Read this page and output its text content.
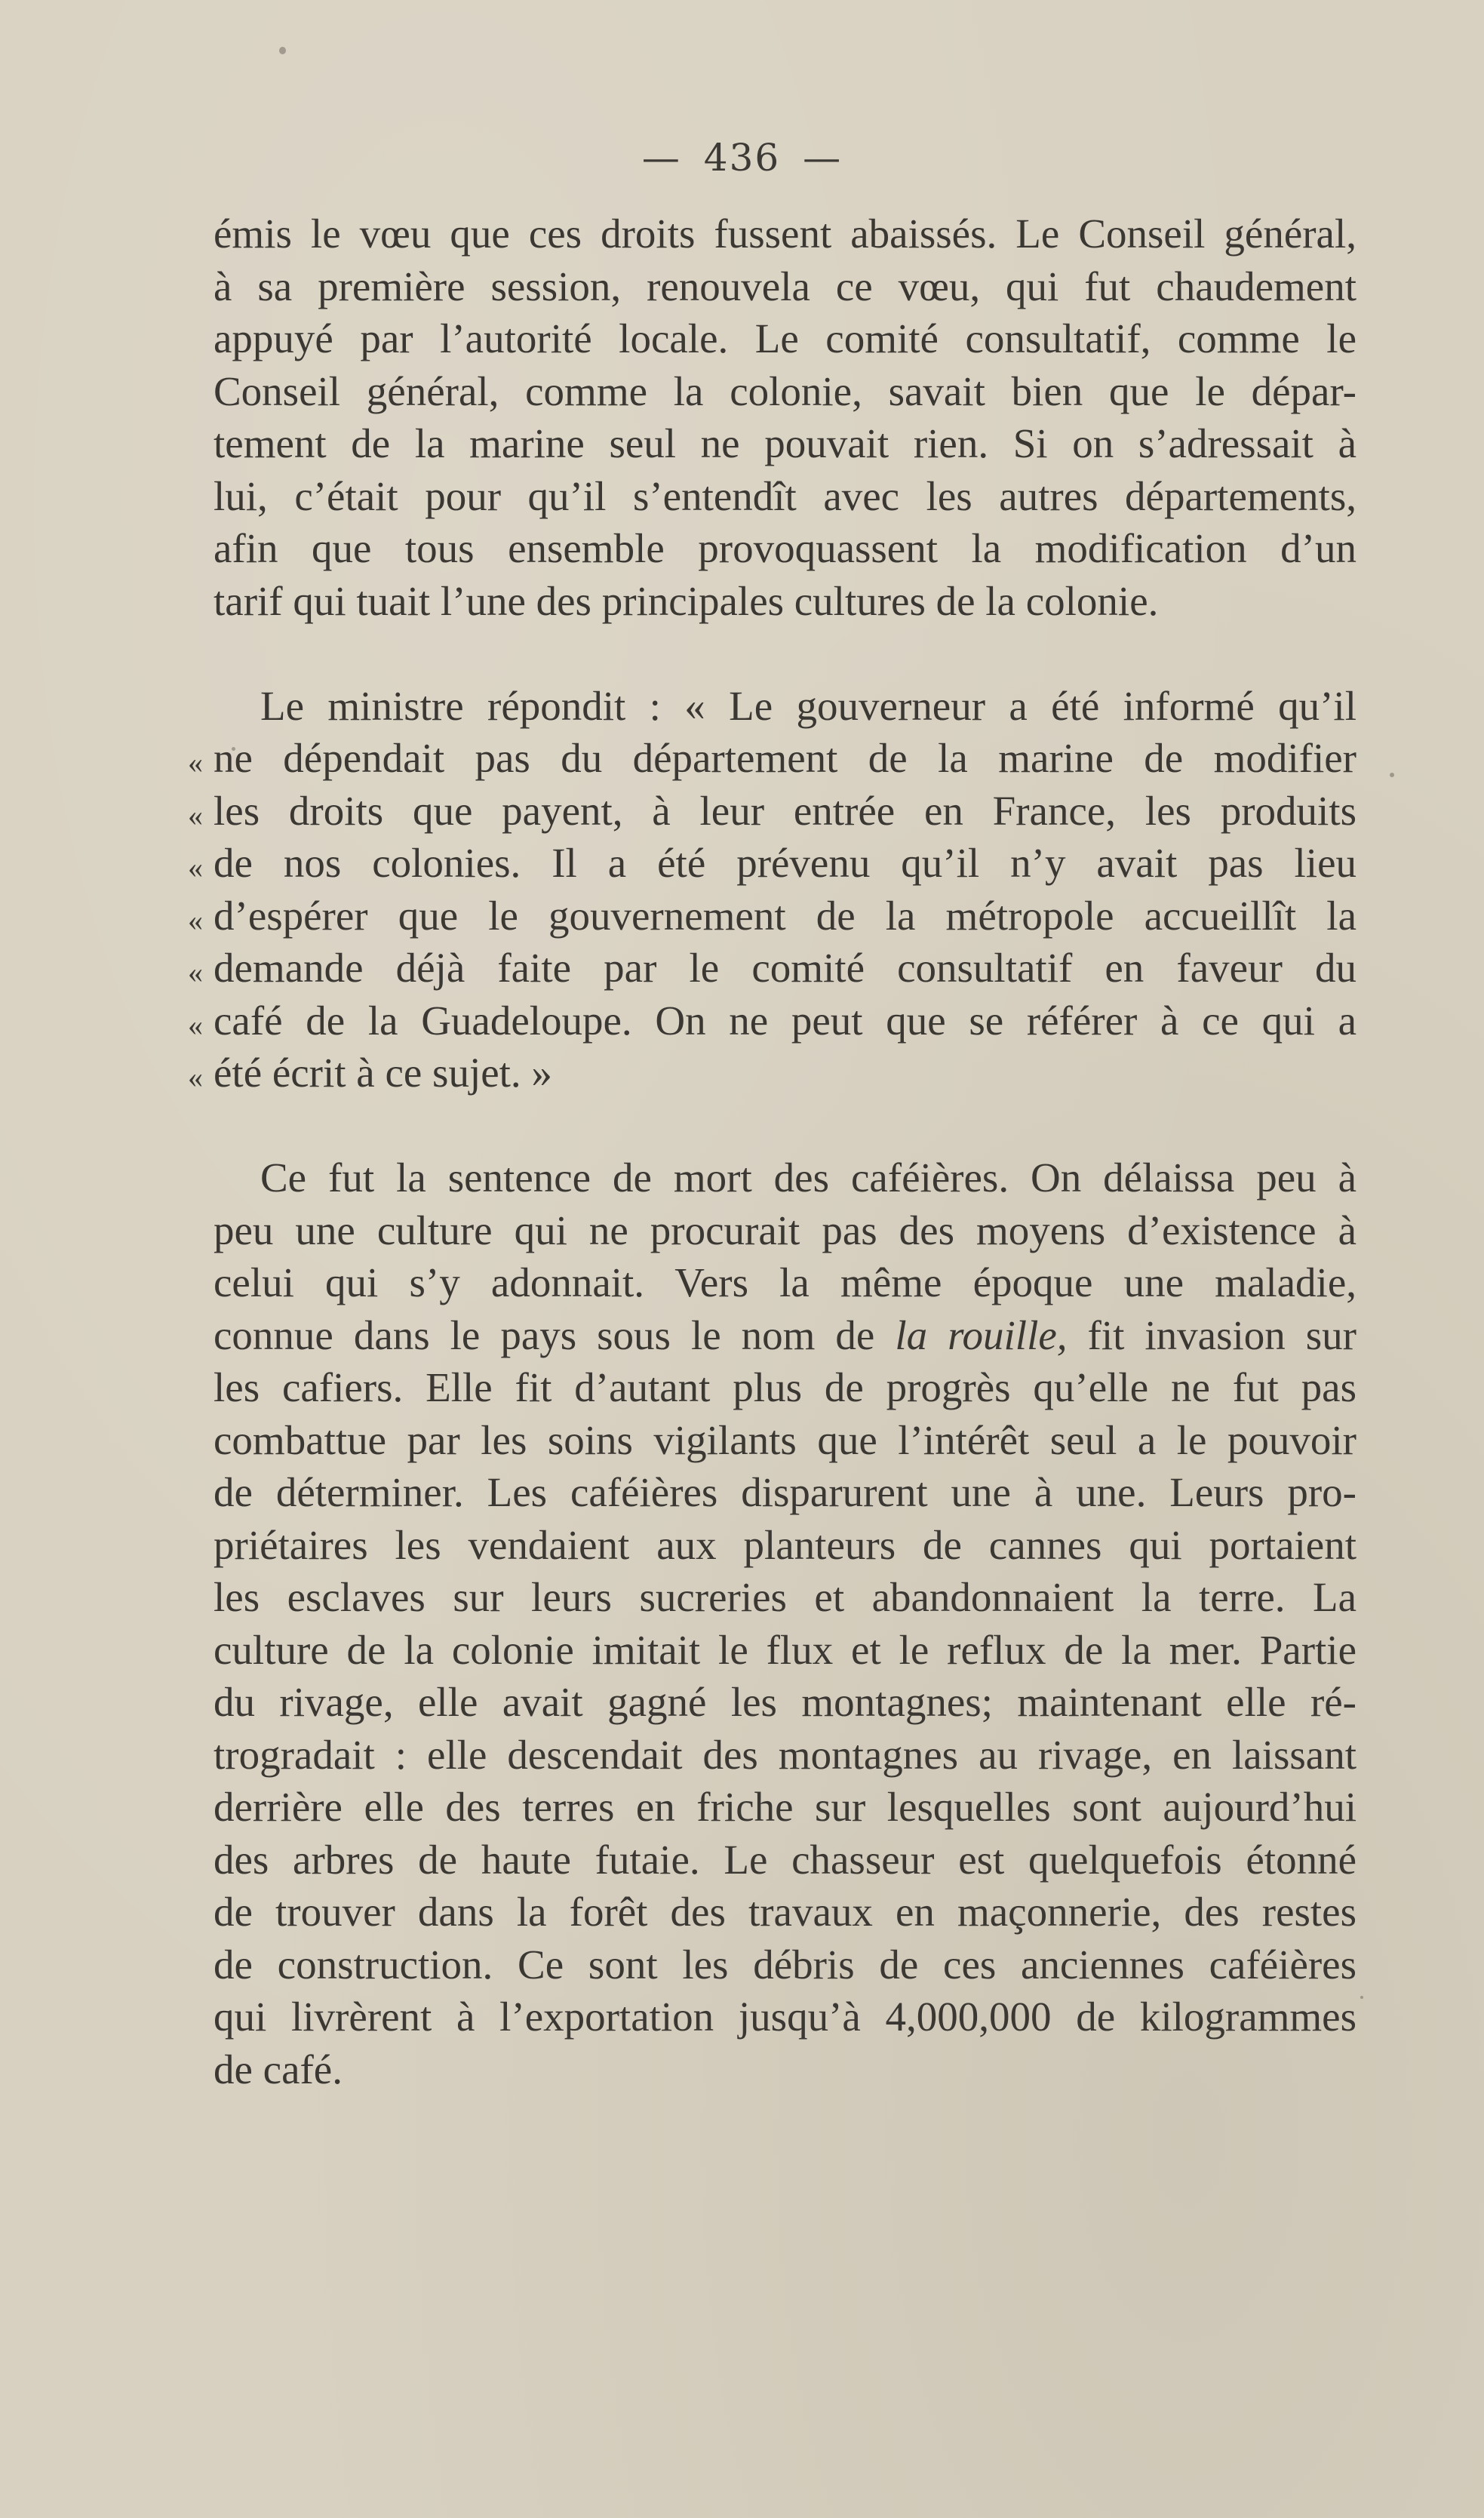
— 436 —
émis le vœu que ces droits fussent abaissés. Le Conseil général,
à sa première session, renouvela ce vœu, qui fut chaudement
appuyé par l’autorité locale. Le comité consultatif, comme le
Conseil général, comme la colonie, savait bien que le dépar-
tement de la marine seul ne pouvait rien. Si on s’adressait à
lui, c’était pour qu’il s’entendît avec les autres départements,
afin que tous ensemble provoquassent la modification d’un
tarif qui tuait l’une des principales cultures de la colonie.
Le ministre répondit : « Le gouverneur a été informé qu’il
« ne dépendait pas du département de la marine de modifier
« les droits que payent, à leur entrée en France, les produits
« de nos colonies. Il a été prévenu qu’il n’y avait pas lieu
« d’espérer que le gouvernement de la métropole accueillît la
« demande déjà faite par le comité consultatif en faveur du
« café de la Guadeloupe. On ne peut que se référer à ce qui a
« été écrit à ce sujet. »
Ce fut la sentence de mort des caféières. On délaissa peu à
peu une culture qui ne procurait pas des moyens d’existence à
celui qui s’y adonnait. Vers la même époque une maladie,
connue dans le pays sous le nom de la rouille, fit invasion sur
les cafiers. Elle fit d’autant plus de progrès qu’elle ne fut pas
combattue par les soins vigilants que l’intérêt seul a le pouvoir
de déterminer. Les caféières disparurent une à une. Leurs pro-
priétaires les vendaient aux planteurs de cannes qui portaient
les esclaves sur leurs sucreries et abandonnaient la terre. La
culture de la colonie imitait le flux et le reflux de la mer. Partie
du rivage, elle avait gagné les montagnes; maintenant elle ré-
trogradait : elle descendait des montagnes au rivage, en laissant
derrière elle des terres en friche sur lesquelles sont aujourd’hui
des arbres de haute futaie. Le chasseur est quelquefois étonné
de trouver dans la forêt des travaux en maçonnerie, des restes
de construction. Ce sont les débris de ces anciennes caféières
qui livrèrent à l’exportation jusqu’à 4,000,000 de kilogrammes
de café.
